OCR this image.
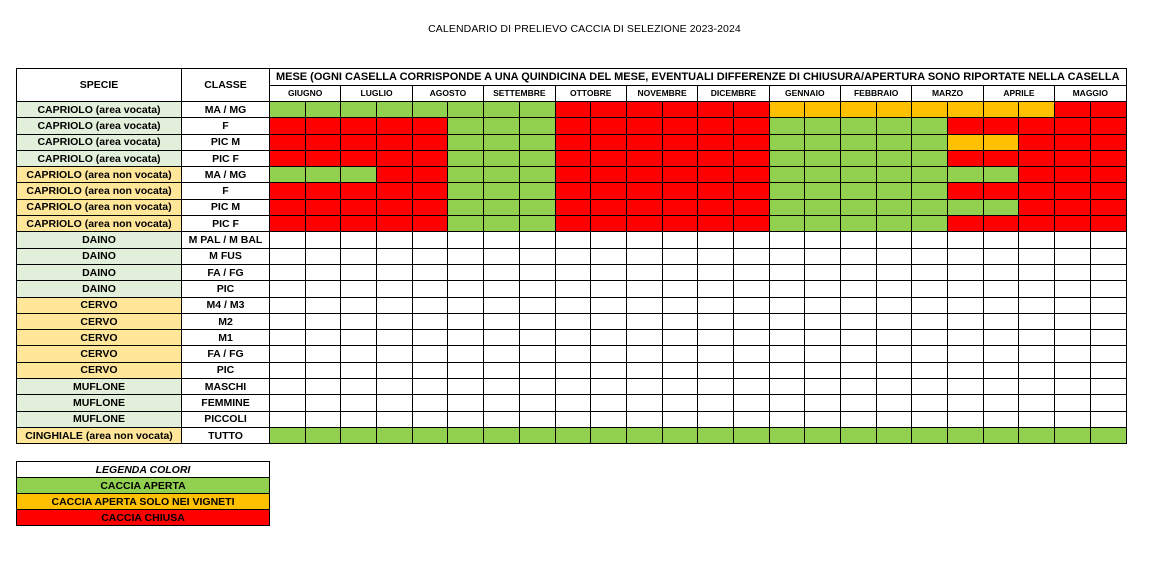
CALENDARIO DI PRELIEVO CACCIA DI SELEZIONE 2023-2024
SPECIE	CLASSE	MESE (OGNI CASELLA CORRISPONDE A UNA QUINDICINA DEL MESE, EVENTUALI DIFFERENZE DI CHIUSURA/APERTURA SONO RIPORTATE NELLA CASELLA																							
		GIUGNO		LUGLIO		AGOSTO		SETTEMBRE		OTTOBRE		NOVEMBRE		DICEMBRE		GENNAIO		FEBBRAIO		MARZO		APRILE		MAGGIO	
CAPRIOLO (area vocata)	MA / MG																								
CAPRIOLO (area vocata)	F																								
CAPRIOLO (area vocata)	PIC M																								
CAPRIOLO (area vocata)	PIC F																								
CAPRIOLO (area non vocata)	MA / MG																								
CAPRIOLO (area non vocata)	F																								
CAPRIOLO (area non vocata)	PIC M																								
CAPRIOLO (area non vocata)	PIC F																								
DAINO	M PAL / M BAL																								
DAINO	M FUS																								
DAINO	FA / FG																								
DAINO	PIC																								
CERVO	M4 / M3																								
CERVO	M2																								
CERVO	M1																								
CERVO	FA / FG																								
CERVO	PIC																								
MUFLONE	MASCHI																								
MUFLONE	FEMMINE																								
MUFLONE	PICCOLI																								
CINGHIALE (area non vocata)	TUTTO																								
LEGENDA COLORI
CACCIA APERTA
CACCIA APERTA SOLO NEI VIGNETI
CACCIA CHIUSA
